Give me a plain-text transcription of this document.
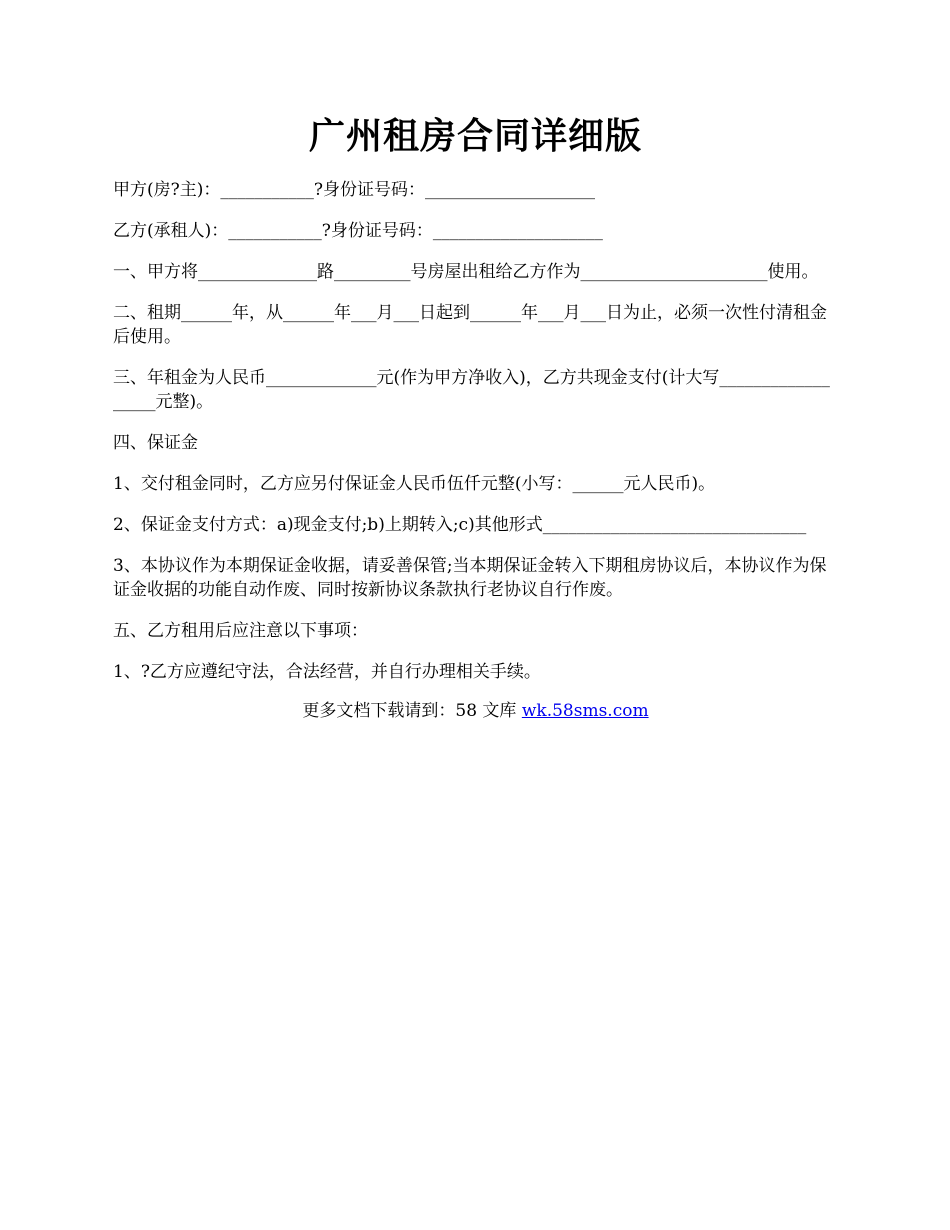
广州租房合同详细版

甲方(房?主)：___________?身份证号码：____________________

乙方(承租人)：___________?身份证号码：____________________

一、甲方将______________路_________号房屋出租给乙方作为______________________使用。

二、租期______年，从______年___月___日起到______年___月___日为止，必须一次性付清租金后使用。

三、年租金为人民币_____________元(作为甲方净收入)，乙方共现金支付(计大写__________________元整)。

四、保证金

1、交付租金同时，乙方应另付保证金人民币伍仟元整(小写：______元人民币)。

2、保证金支付方式：a)现金支付;b)上期转入;c)其他形式_______________________________

3、本协议作为本期保证金收据，请妥善保管;当本期保证金转入下期租房协议后，本协议作为保证金收据的功能自动作废、同时按新协议条款执行老协议自行作废。

五、乙方租用后应注意以下事项：

1、?乙方应遵纪守法，合法经营，并自行办理相关手续。

更多文档下载请到：58 文库 wk.58sms.com
